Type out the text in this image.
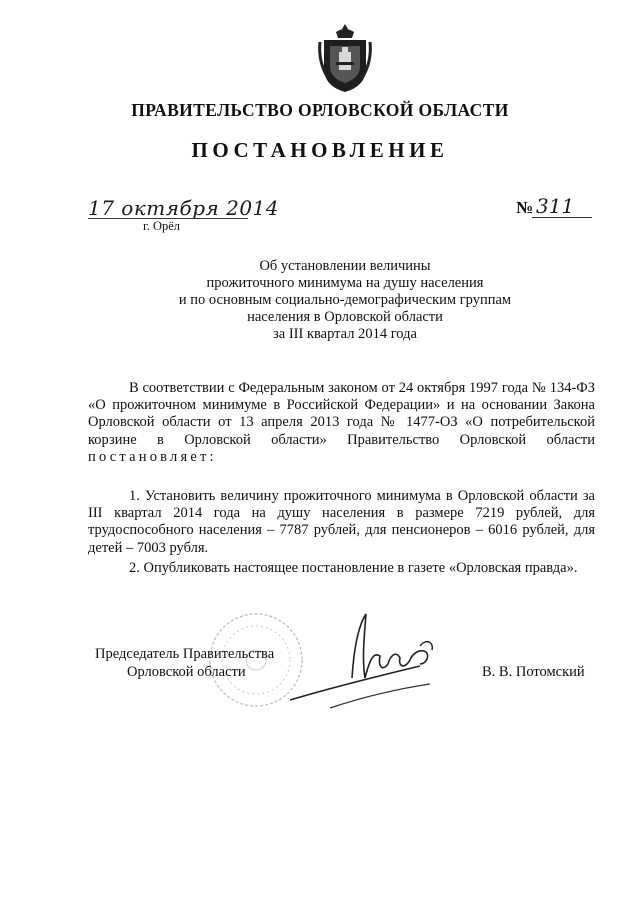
ПРАВИТЕЛЬСТВО ОРЛОВСКОЙ ОБЛАСТИ
ПОСТАНОВЛЕНИЕ
17 октября 2014
г. Орёл
№ 311
Об установлении величины
прожиточного минимума на душу населения
и по основным социально-демографическим группам
населения в Орловской области
за III квартал 2014 года

В соответствии с Федеральным законом от 24 октября 1997 года № 134-ФЗ «О прожиточном минимуме в Российской Федерации» и на основании Закона Орловской области от 13 апреля 2013 года № 1477-ОЗ «О потребительской корзине в Орловской области» Правительство Орловской области постановляет:

1. Установить величину прожиточного минимума в Орловской области за III квартал 2014 года на душу населения в размере 7219 рублей, для трудоспособного населения – 7787 рублей, для пенсионеров – 6016 рублей, для детей – 7003 рубля.

2. Опубликовать настоящее постановление в газете «Орловская правда».

Председатель Правительства
Орловской области	В. В. Потомский
